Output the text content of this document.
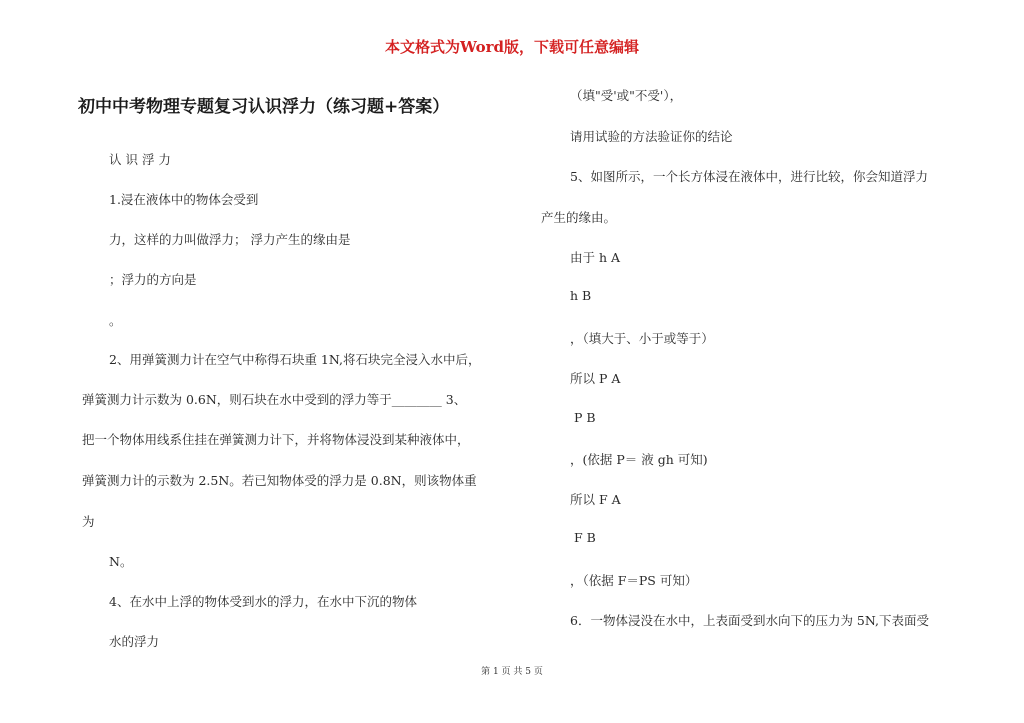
本文格式为Word版，下载可任意编辑
初中中考物理专题复习认识浮力（练习题+答案）
认 识 浮 力
1.浸在液体中的物体会受到
力，这样的力叫做浮力； 浮力产生的缘由是
；浮力的方向是
。
2、用弹簧测力计在空气中称得石块重 1N,将石块完全浸入水中后，
弹簧测力计示数为 0.6N，则石块在水中受到的浮力等于________ 3、
把一个物体用线系住挂在弹簧测力计下，并将物体浸没到某种液体中，
弹簧测力计的示数为 2.5N。若已知物体受的浮力是 0.8N，则该物体重
为
N。
4、在水中上浮的物体受到水的浮力，在水中下沉的物体
水的浮力
（填"受'或"不受'），
请用试验的方法验证你的结论
5、如图所示，一个长方体浸在液体中，进行比较，你会知道浮力
产生的缘由。
由于 h A
h B
，（填大于、小于或等于）
所以 P A
P B
，(依据 P＝ 液 gh 可知)
所以 F A
F B
，（依据 F＝PS 可知）
6．一物体浸没在水中，上表面受到水向下的压力为 5N,下表面受
第 1 页 共 5 页
